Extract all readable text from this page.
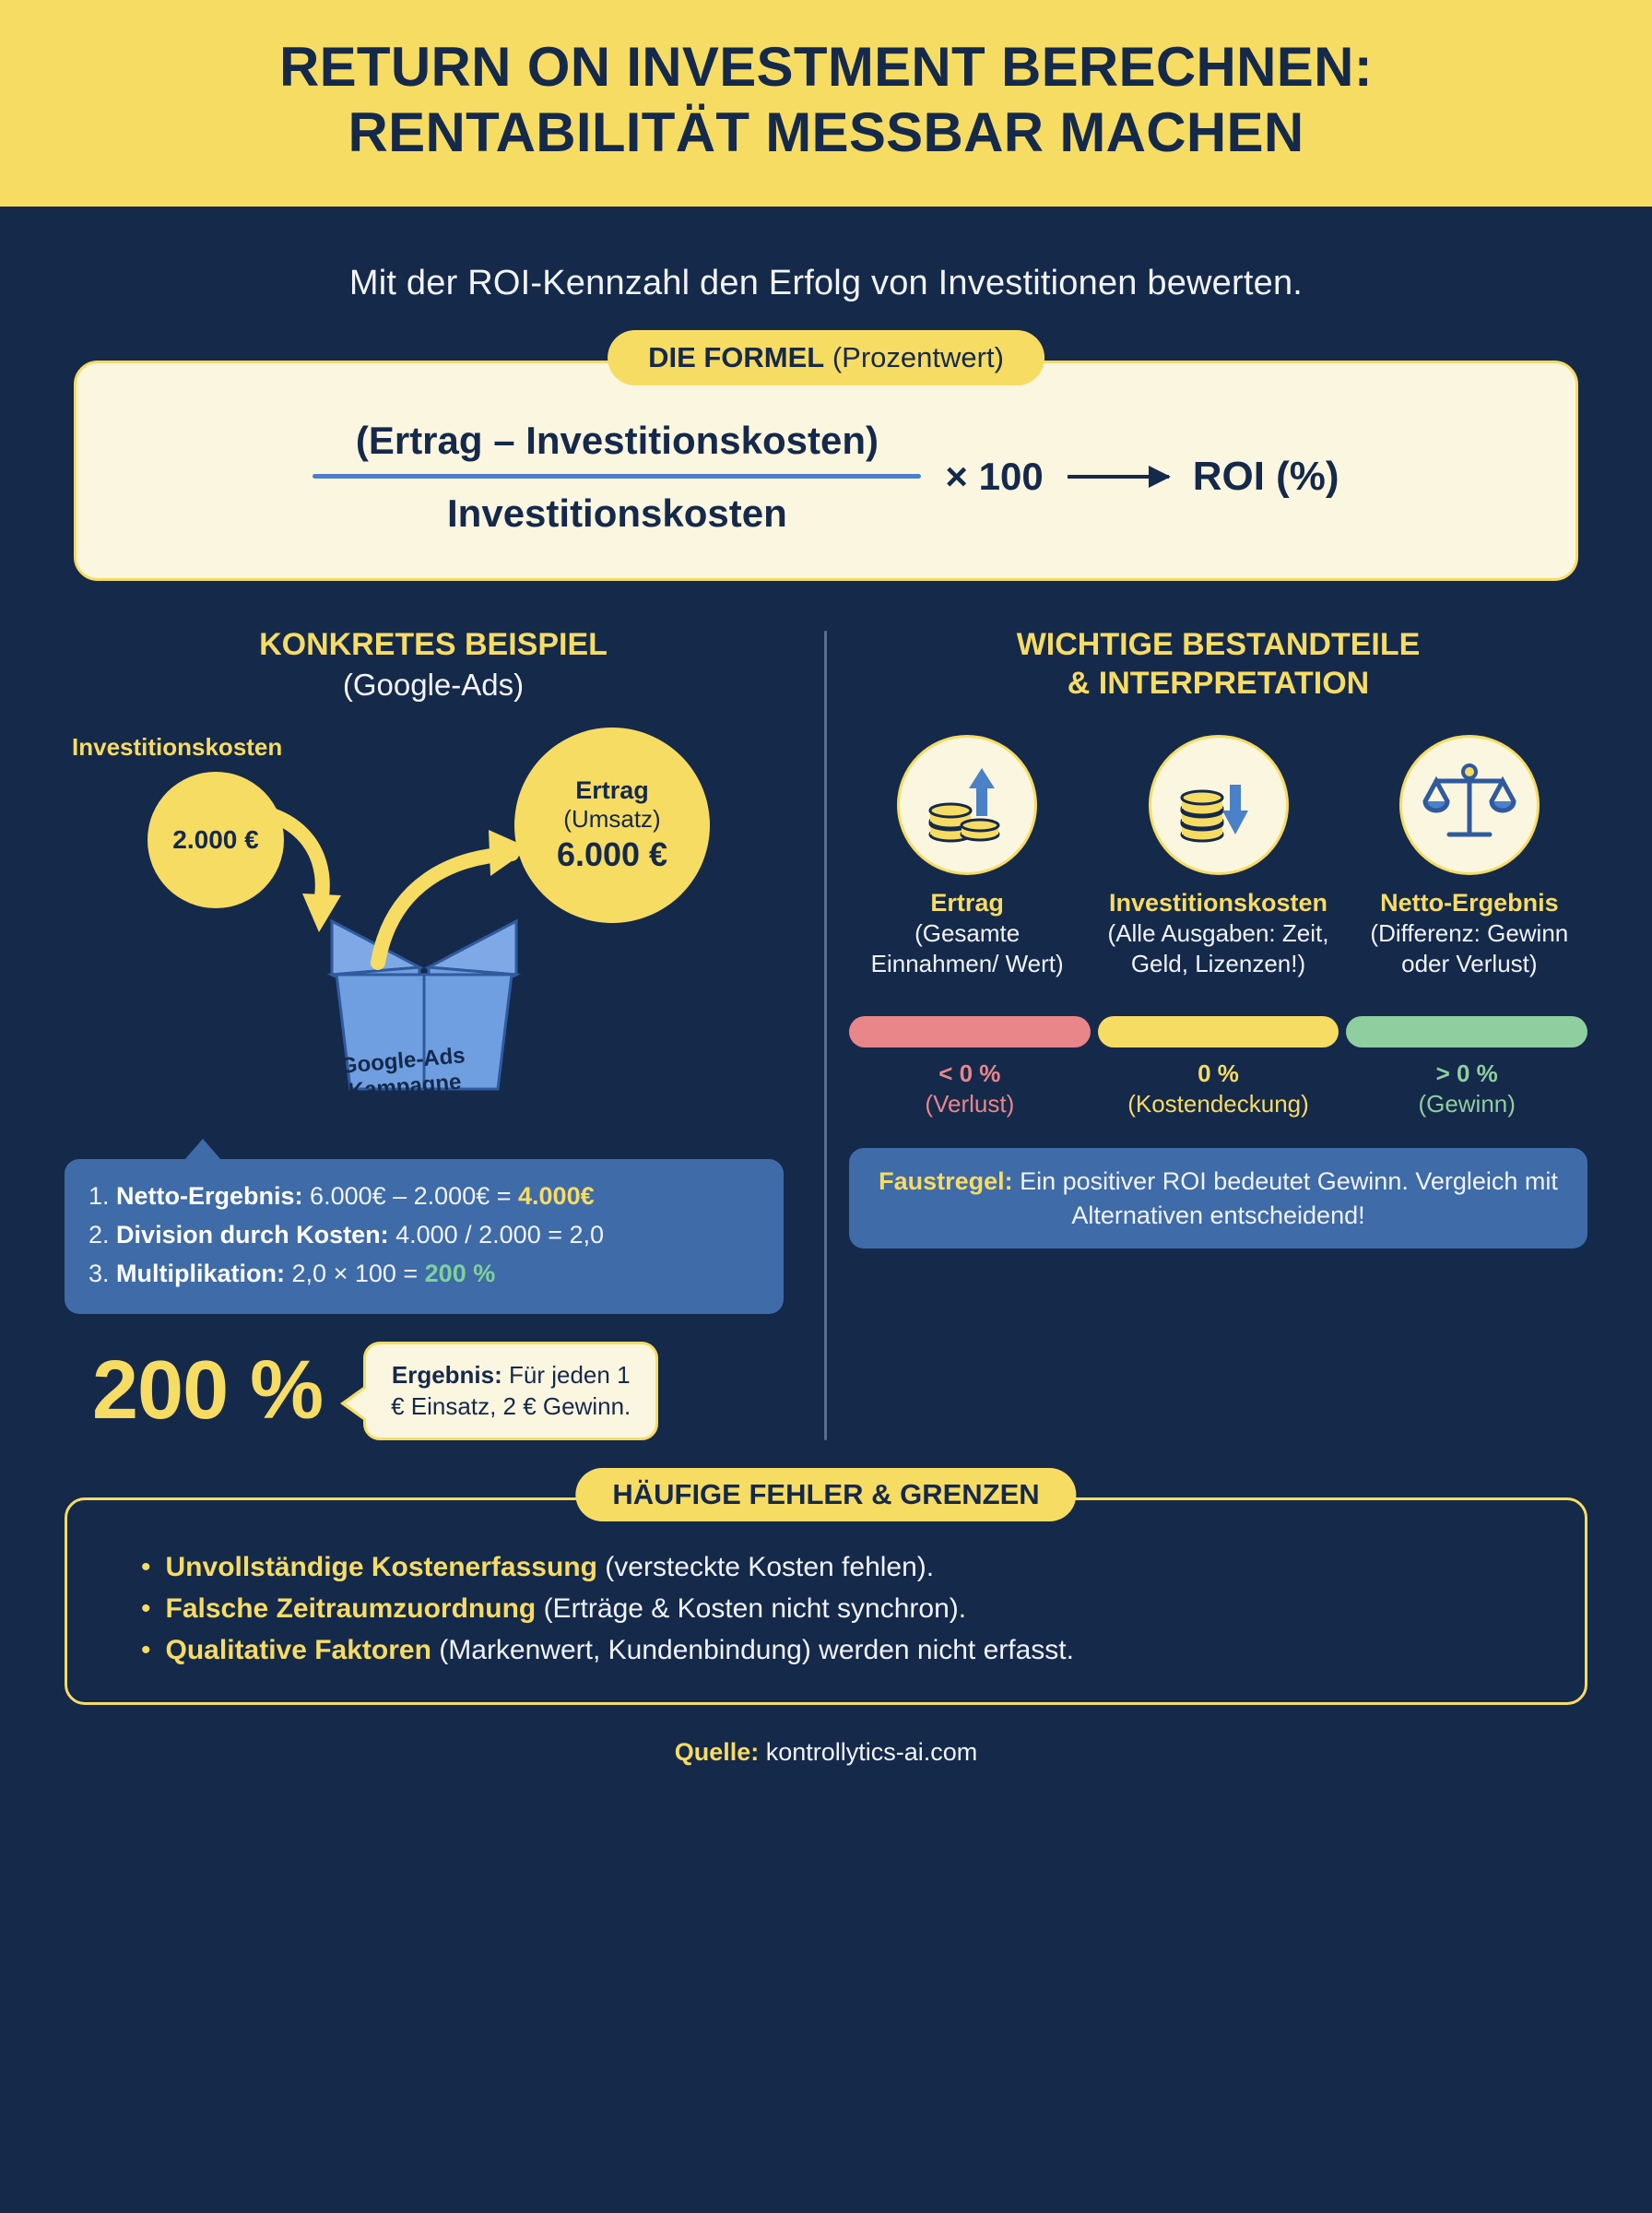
RETURN ON INVESTMENT BERECHNEN:
RENTABILITÄT MESSBAR MACHEN
Mit der ROI-Kennzahl den Erfolg von Investitionen bewerten.
DIE FORMEL (Prozentwert)
(Ertrag – Investitionskosten)
Investitionskosten
× 100	ROI (%)
KONKRETES BEISPIEL
(Google-Ads)
Investitionskosten
2.000 €
Ertrag
(Umsatz)
6.000 €
Google-Ads
Kampagne
1. Netto-Ergebnis: 6.000€ – 2.000€ = 4.000€
2. Division durch Kosten: 4.000 / 2.000 = 2,0
3. Multiplikation: 2,0 × 100 = 200 %
200 %	Ergebnis: Für jeden 1 € Einsatz, 2 € Gewinn.
WICHTIGE BESTANDTEILE
& INTERPRETATION
Ertrag
(Gesamte Einnahmen/ Wert)
Investitionskosten
(Alle Ausgaben: Zeit, Geld, Lizenzen!)
Netto-Ergebnis
(Differenz: Gewinn oder Verlust)
< 0 %
(Verlust)
0 %
(Kostendeckung)
> 0 %
(Gewinn)
Faustregel: Ein positiver ROI bedeutet Gewinn. Vergleich mit Alternativen entscheidend!
HÄUFIGE FEHLER & GRENZEN
• Unvollständige Kostenerfassung (versteckte Kosten fehlen).
• Falsche Zeitraumzuordnung (Erträge & Kosten nicht synchron).
• Qualitative Faktoren (Markenwert, Kundenbindung) werden nicht erfasst.
Quelle: kontrollytics-ai.com
